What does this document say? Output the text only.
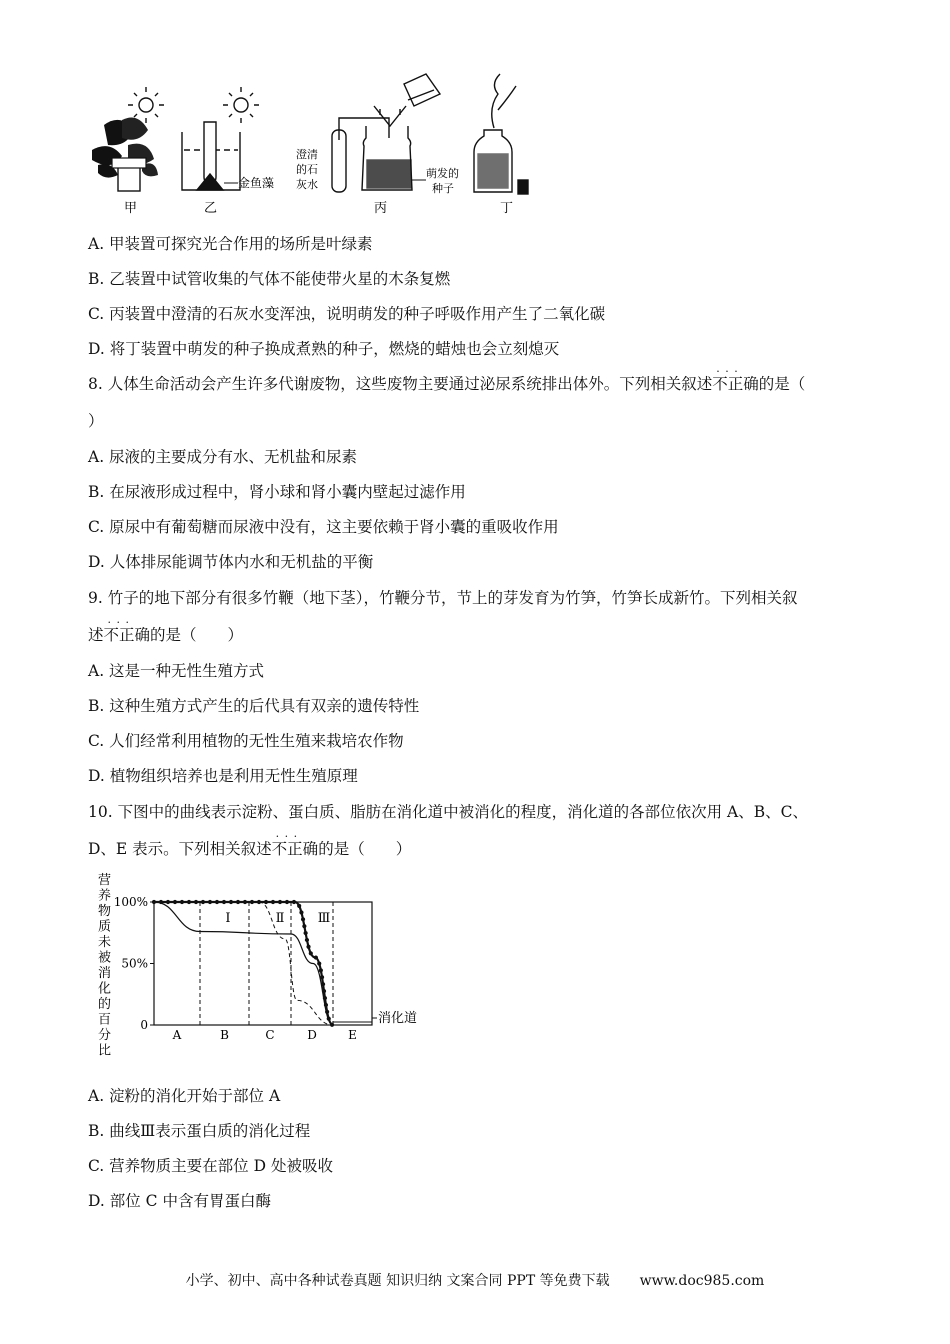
甲
金鱼藻
乙
澄清
的石
灰水
丙
萌发的
种子
丁
A. 甲装置可探究光合作用的场所是叶绿素
B. 乙装置中试管收集的气体不能使带火星的木条复燃
C. 丙装置中澄清的石灰水变浑浊，说明萌发的种子呼吸作用产生了二氧化碳
D. 将丁装置中萌发的种子换成煮熟的种子，燃烧的蜡烛也会立刻熄灭
8. 人体生命活动会产生许多代谢废物，这些废物主要通过泌尿系统排出体外。下列相关叙述· · · 不正确的是（
）
A. 尿液的主要成分有水、无机盐和尿素
B. 在尿液形成过程中，肾小球和肾小囊内壁起过滤作用
C. 原尿中有葡萄糖而尿液中没有，这主要依赖于肾小囊的重吸收作用
D. 人体排尿能调节体内水和无机盐的平衡
9. 竹子的地下部分有很多竹鞭（地下茎），竹鞭分节，节上的芽发育为竹笋，竹笋长成新竹。下列相关叙
述· · · 不正确的是（　　）
A. 这是一种无性生殖方式
B. 这种生殖方式产生的后代具有双亲的遗传特性
C. 人们经常利用植物的无性生殖来栽培农作物
D. 植物组织培养也是利用无性生殖原理
10. 下图中的曲线表示淀粉、蛋白质、脂肪在消化道中被消化的程度，消化道的各部位依次用 A、B、C、
D、E 表示。下列相关叙述· · · 不正确的是（　　）
营
养
物
质
未
被
消
化
的
百
分
比
100%
50%
0
A	B	C	D	E
Ⅰ	Ⅱ	Ⅲ
消化道
A. 淀粉的消化开始于部位 A
B. 曲线Ⅲ表示蛋白质的消化过程
C. 营养物质主要在部位 D 处被吸收
D. 部位 C 中含有胃蛋白酶
小学、初中、高中各种试卷真题 知识归纳 文案合同 PPT 等免费下载 www.doc985.com
